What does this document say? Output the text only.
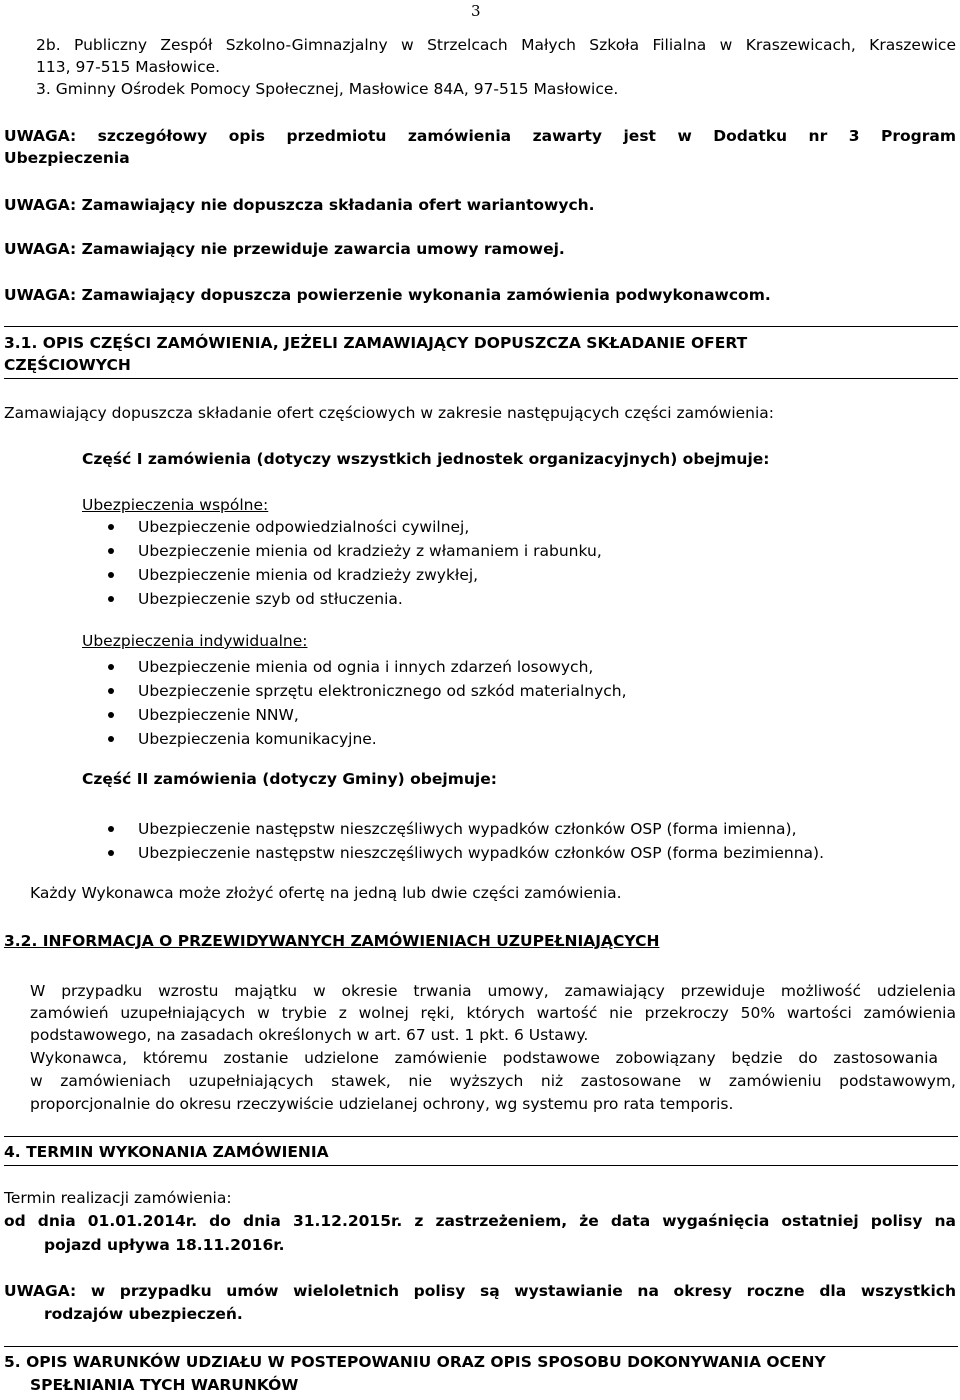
3
2b. Publiczny Zespół Szkolno-Gimnazjalny w Strzelcach Małych Szkoła Filialna w Kraszewicach, Kraszewice
113, 97-515 Masłowice.
3. Gminny Ośrodek Pomocy Społecznej, Masłowice 84A, 97-515 Masłowice.
UWAGA: szczegółowy opis przedmiotu zamówienia zawarty jest w Dodatku nr 3 Program
Ubezpieczenia
UWAGA: Zamawiający nie dopuszcza składania ofert wariantowych.
UWAGA: Zamawiający nie przewiduje zawarcia umowy ramowej.
UWAGA: Zamawiający dopuszcza powierzenie wykonania zamówienia podwykonawcom.
3.1. OPIS CZĘŚCI ZAMÓWIENIA, JEŻELI ZAMAWIAJĄCY DOPUSZCZA SKŁADANIE OFERT
CZĘŚCIOWYCH
Zamawiający dopuszcza składanie ofert częściowych w zakresie następujących części zamówienia:
Część I zamówienia (dotyczy wszystkich jednostek organizacyjnych) obejmuje:
Ubezpieczenia wspólne:
Ubezpieczenie odpowiedzialności cywilnej,
Ubezpieczenie mienia od kradzieży z włamaniem i rabunku,
Ubezpieczenie mienia od kradzieży zwykłej,
Ubezpieczenie szyb od stłuczenia.
Ubezpieczenia indywidualne:
Ubezpieczenie mienia od ognia i innych zdarzeń losowych,
Ubezpieczenie sprzętu elektronicznego od szkód materialnych,
Ubezpieczenie NNW,
Ubezpieczenia komunikacyjne.
Część II zamówienia (dotyczy Gminy) obejmuje:
Ubezpieczenie następstw nieszczęśliwych wypadków członków OSP (forma imienna),
Ubezpieczenie następstw nieszczęśliwych wypadków członków OSP (forma bezimienna).
Każdy Wykonawca może złożyć ofertę na jedną lub dwie części zamówienia.
3.2. INFORMACJA O PRZEWIDYWANYCH ZAMÓWIENIACH UZUPEŁNIAJĄCYCH
W przypadku wzrostu majątku w okresie trwania umowy, zamawiający przewiduje możliwość udzielenia
zamówień uzupełniających w trybie z wolnej ręki, których wartość nie przekroczy 50% wartości zamówienia
podstawowego, na zasadach określonych w art. 67 ust. 1 pkt. 6 Ustawy.
Wykonawca, któremu zostanie udzielone zamówienie podstawowe zobowiązany będzie do zastosowania
w zamówieniach uzupełniających stawek, nie wyższych niż zastosowane w zamówieniu podstawowym,
proporcjonalnie do okresu rzeczywiście udzielanej ochrony, wg systemu pro rata temporis.
4. TERMIN WYKONANIA ZAMÓWIENIA
Termin realizacji zamówienia:
od dnia 01.01.2014r. do dnia 31.12.2015r. z zastrzeżeniem, że data wygaśnięcia ostatniej polisy na
pojazd upływa 18.11.2016r.
UWAGA: w przypadku umów wieloletnich polisy są wystawianie na okresy roczne dla wszystkich
rodzajów ubezpieczeń.
5. OPIS WARUNKÓW UDZIAŁU W POSTEPOWANIU ORAZ OPIS SPOSOBU DOKONYWANIA OCENY
SPEŁNIANIA TYCH WARUNKÓW
